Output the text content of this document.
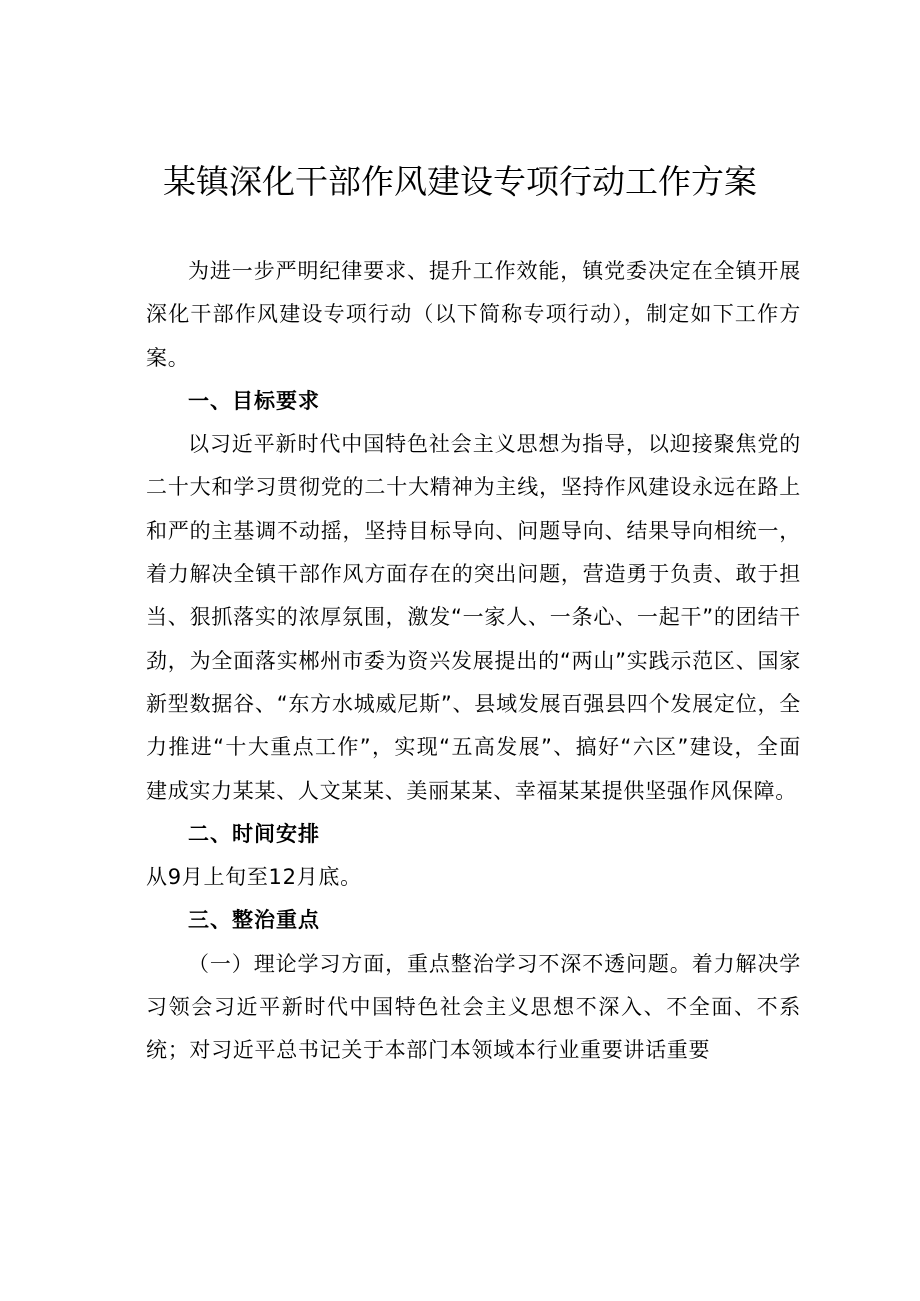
某镇深化干部作风建设专项行动工作方案

为进一步严明纪律要求、提升工作效能，镇党委决定在全镇开展深化干部作风建设专项行动（以下简称专项行动），制定如下工作方案。

一、目标要求

以习近平新时代中国特色社会主义思想为指导，以迎接聚焦党的二十大和学习贯彻党的二十大精神为主线，坚持作风建设永远在路上和严的主基调不动摇，坚持目标导向、问题导向、结果导向相统一，着力解决全镇干部作风方面存在的突出问题，营造勇于负责、敢于担当、狠抓落实的浓厚氛围，激发“一家人、一条心、一起干”的团结干劲，为全面落实郴州市委为资兴发展提出的“两山”实践示范区、国家新型数据谷、“东方水城威尼斯”、县域发展百强县四个发展定位，全力推进“十大重点工作”，实现“五高发展”、搞好“六区”建设，全面建成实力某某、人文某某、美丽某某、幸福某某提供坚强作风保障。

二、时间安排

从9月上旬至12月底。

三、整治重点

（一）理论学习方面，重点整治学习不深不透问题。着力解决学习领会习近平新时代中国特色社会主义思想不深入、不全面、不系统；对习近平总书记关于本部门本领域本行业重要讲话重要
